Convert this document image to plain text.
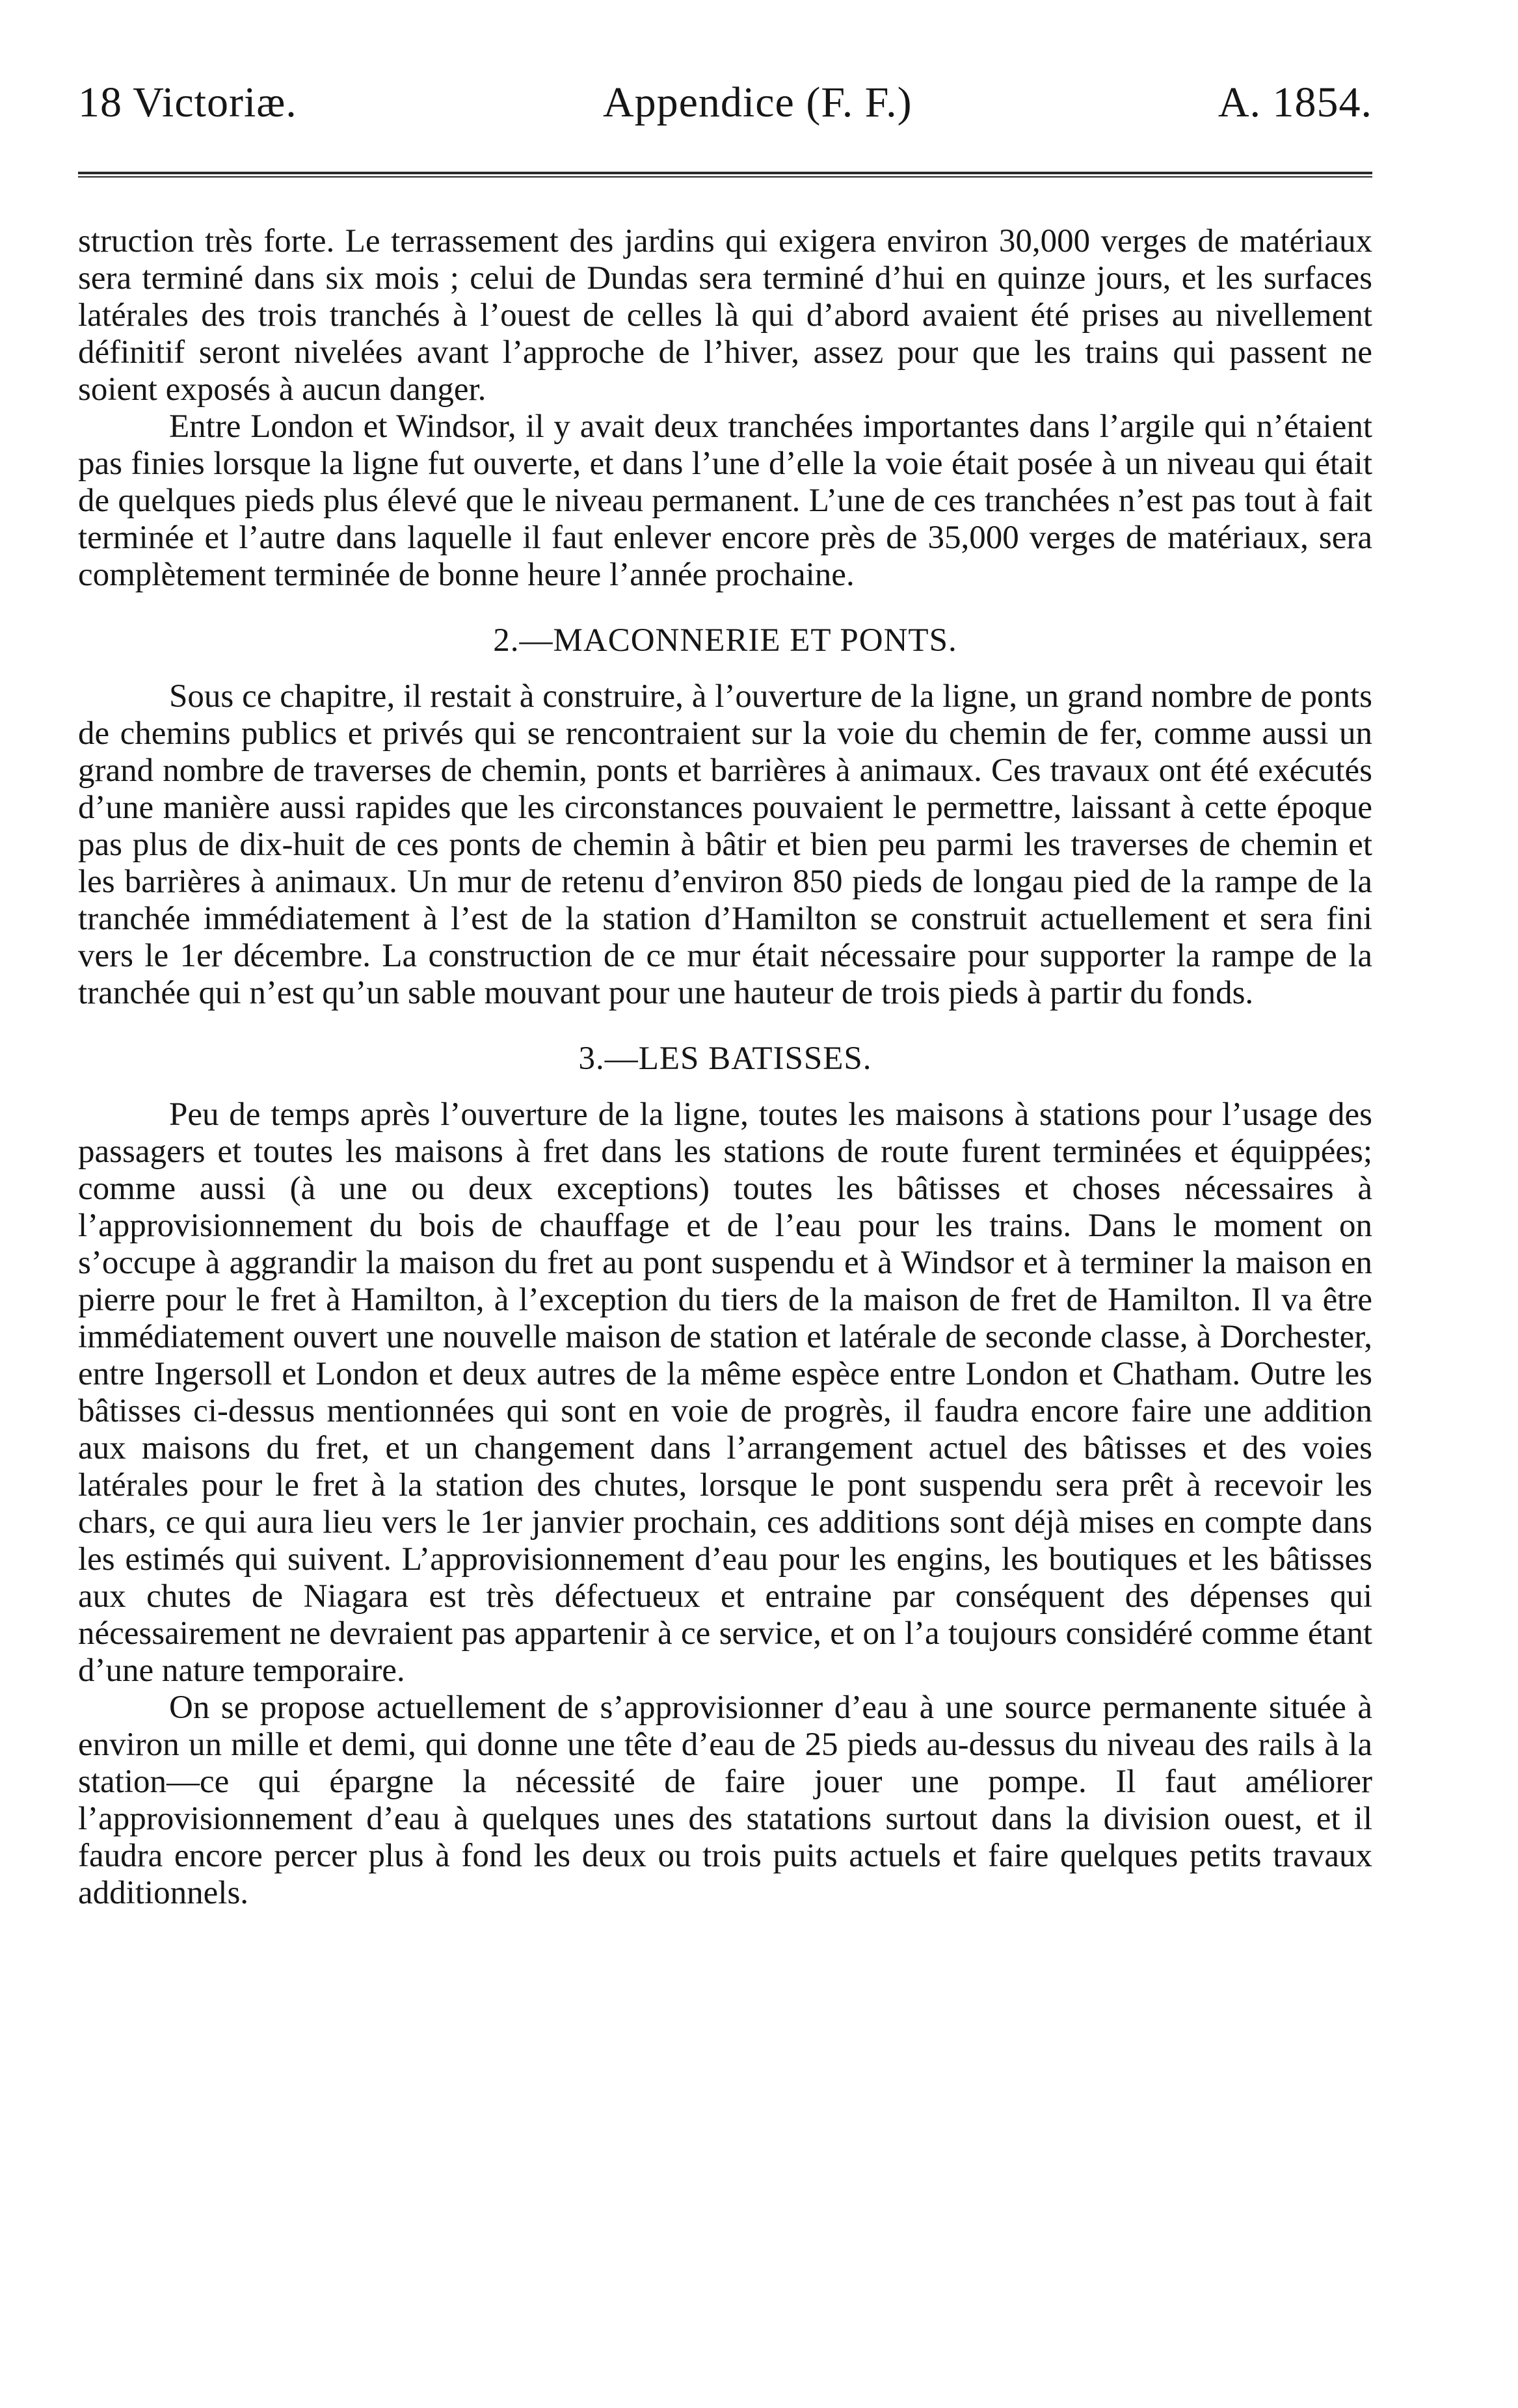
18 Victoriæ.	Appendice (F. F.)	A. 1854.

struction très forte. Le terrassement des jardins qui exigera environ 30,000 verges de matériaux sera terminé dans six mois ; celui de Dundas sera terminé d’hui en quinze jours, et les surfaces latérales des trois tranchés à l’ouest de celles là qui d’abord avaient été prises au nivellement définitif seront nivelées avant l’approche de l’hiver, assez pour que les trains qui passent ne soient exposés à aucun danger.

Entre London et Windsor, il y avait deux tranchées importantes dans l’argile qui n’étaient pas finies lorsque la ligne fut ouverte, et dans l’une d’elle la voie était posée à un niveau qui était de quelques pieds plus élevé que le niveau permanent. L’une de ces tranchées n’est pas tout à fait terminée et l’autre dans laquelle il faut enlever encore près de 35,000 verges de matériaux, sera complètement terminée de bonne heure l’année prochaine.

2.—MACONNERIE ET PONTS.

Sous ce chapitre, il restait à construire, à l’ouverture de la ligne, un grand nombre de ponts de chemins publics et privés qui se rencontraient sur la voie du chemin de fer, comme aussi un grand nombre de traverses de chemin, ponts et barrières à animaux. Ces travaux ont été exécutés d’une manière aussi rapides que les circonstances pouvaient le permettre, laissant à cette époque pas plus de dix-huit de ces ponts de chemin à bâtir et bien peu parmi les traverses de chemin et les barrières à animaux. Un mur de retenu d’environ 850 pieds de longau pied de la rampe de la tranchée immédiatement à l’est de la station d’Hamilton se construit actuellement et sera fini vers le 1er décembre. La construction de ce mur était nécessaire pour supporter la rampe de la tranchée qui n’est qu’un sable mouvant pour une hauteur de trois pieds à partir du fonds.

3.—LES BATISSES.

Peu de temps après l’ouverture de la ligne, toutes les maisons à stations pour l’usage des passagers et toutes les maisons à fret dans les stations de route furent terminées et équippées; comme aussi (à une ou deux exceptions) toutes les bâtisses et choses nécessaires à l’approvisionnement du bois de chauffage et de l’eau pour les trains. Dans le moment on s’occupe à aggrandir la maison du fret au pont suspendu et à Windsor et à terminer la maison en pierre pour le fret à Hamilton, à l’exception du tiers de la maison de fret de Hamilton. Il va être immédiatement ouvert une nouvelle maison de station et latérale de seconde classe, à Dorchester, entre Ingersoll et London et deux autres de la même espèce entre London et Chatham. Outre les bâtisses ci-dessus mentionnées qui sont en voie de progrès, il faudra encore faire une addition aux maisons du fret, et un changement dans l’arrangement actuel des bâtisses et des voies latérales pour le fret à la station des chutes, lorsque le pont suspendu sera prêt à recevoir les chars, ce qui aura lieu vers le 1er janvier prochain, ces additions sont déjà mises en compte dans les estimés qui suivent. L’approvisionnement d’eau pour les engins, les boutiques et les bâtisses aux chutes de Niagara est très défectueux et entraine par conséquent des dépenses qui nécessairement ne devraient pas appartenir à ce service, et on l’a toujours considéré comme étant d’une nature temporaire.

On se propose actuellement de s’approvisionner d’eau à une source permanente située à environ un mille et demi, qui donne une tête d’eau de 25 pieds au-dessus du niveau des rails à la station—ce qui épargne la nécessité de faire jouer une pompe. Il faut améliorer l’approvisionnement d’eau à quelques unes des statations surtout dans la division ouest, et il faudra encore percer plus à fond les deux ou trois puits actuels et faire quelques petits travaux additionnels.
